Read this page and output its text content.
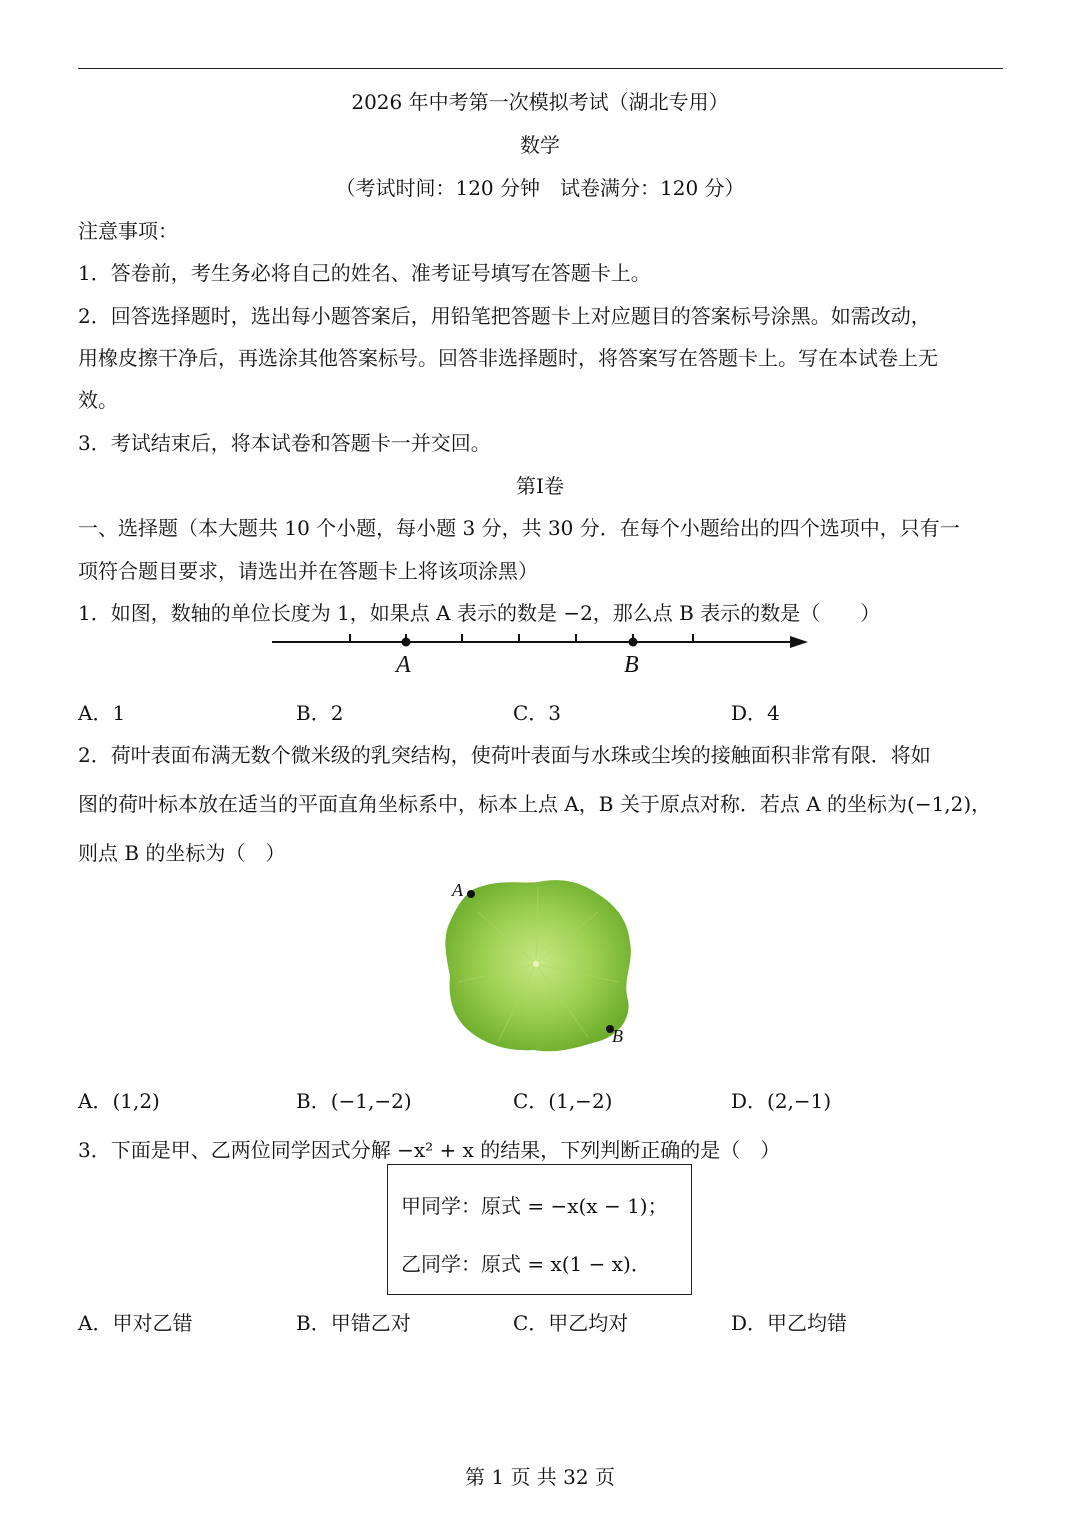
2026 年中考第一次模拟考试（湖北专用）
数学
（考试时间：120 分钟　试卷满分：120 分）
注意事项：
1．答卷前，考生务必将自己的姓名、准考证号填写在答题卡上。
2．回答选择题时，选出每小题答案后，用铅笔把答题卡上对应题目的答案标号涂黑。如需改动，
用橡皮擦干净后，再选涂其他答案标号。回答非选择题时，将答案写在答题卡上。写在本试卷上无
效。
3．考试结束后，将本试卷和答题卡一并交回。
第I卷
一、选择题（本大题共 10 个小题，每小题 3 分，共 30 分．在每个小题给出的四个选项中，只有一
项符合题目要求，请选出并在答题卡上将该项涂黑）
1．如图，数轴的单位长度为 1，如果点 A 表示的数是 −2，那么点 B 表示的数是（　　）
A	B
A．1	B．2	C．3	D．4
2．荷叶表面布满无数个微米级的乳突结构，使荷叶表面与水珠或尘埃的接触面积非常有限．将如
图的荷叶标本放在适当的平面直角坐标系中，标本上点 A，B 关于原点对称．若点 A 的坐标为(−1,2)，
则点 B 的坐标为（　）
A
B
A．(1,2)	B．(−1,−2)	C．(1,−2)	D．(2,−1)
3．下面是甲、乙两位同学因式分解 −x² + x 的结果，下列判断正确的是（　）
甲同学：原式 = −x(x − 1)；
乙同学：原式 = x(1 − x)．
A．甲对乙错	B．甲错乙对	C．甲乙均对	D．甲乙均错
第 1 页 共 32 页
